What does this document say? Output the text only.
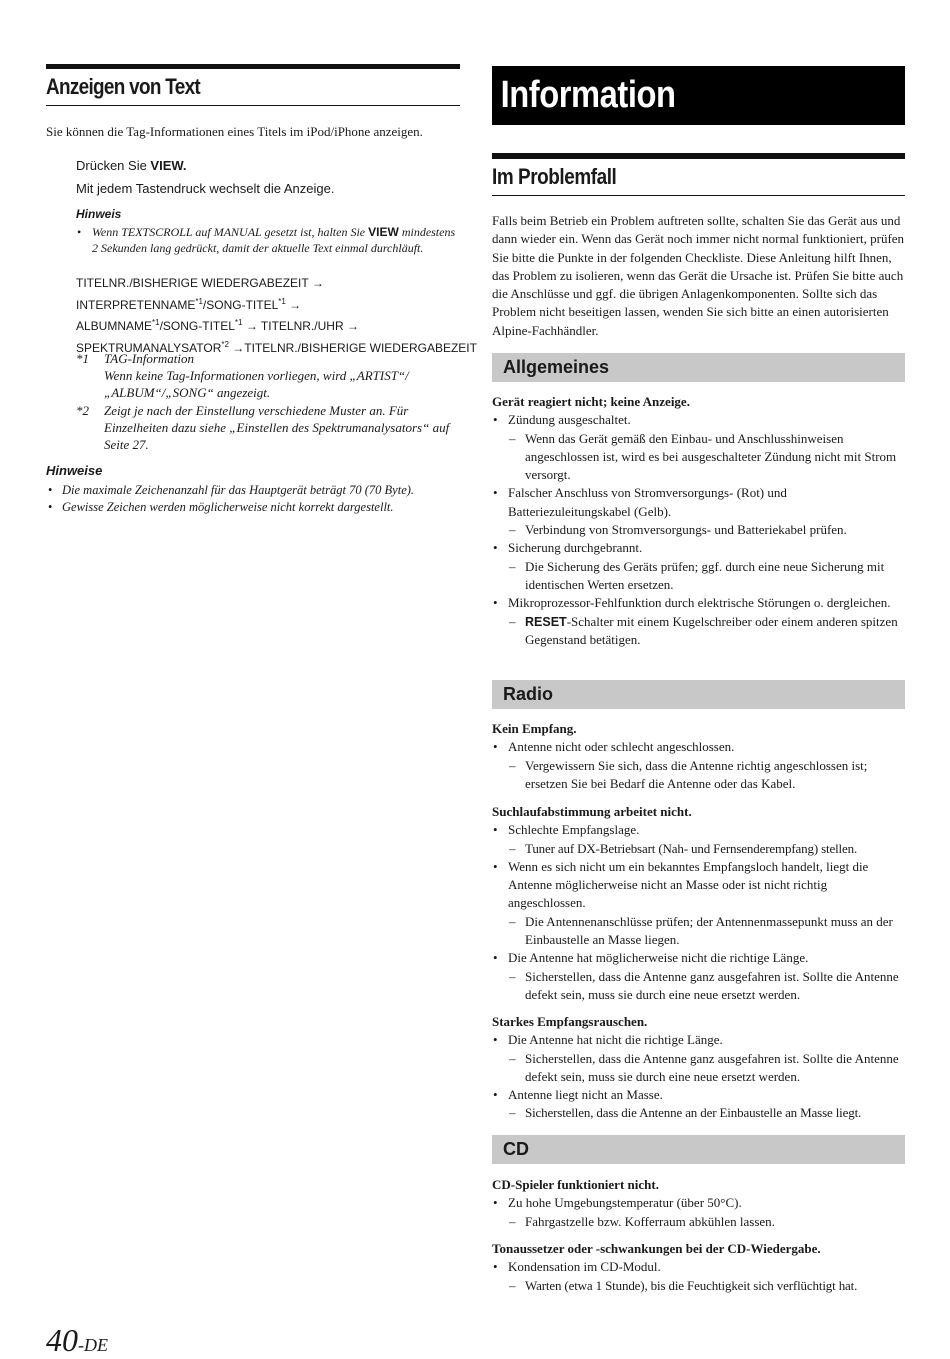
Anzeigen von Text

Sie können die Tag-Informationen eines Titels im iPod/iPhone anzeigen.

Drücken Sie VIEW.
Mit jedem Tastendruck wechselt die Anzeige.
Hinweis
• Wenn TEXTSCROLL auf MANUAL gesetzt ist, halten Sie VIEW mindestens 2 Sekunden lang gedrückt, damit der aktuelle Text einmal durchläuft.
TITELNR./BISHERIGE WIEDERGABEZEIT →
$INTERPRETENNAME^{*1}/SONG-TITEL^{*1}$ →
$ALBUMNAME^{*1}/SONG-TITEL^{*1}$ → TITELNR./UHR →
$SPEKTRUMANALYSATOR^{*2}$ →TITELNR./BISHERIGE WIEDERGABEZEIT
*1 TAG-Information
Wenn keine Tag-Informationen vorliegen, wird „ARTIST“/„ALBUM“/„SONG“ angezeigt.
*2	Zeigt je nach der Einstellung verschiedene Muster an. Für Einzelheiten dazu siehe „Einstellen des Spektrumanalysators“ auf Seite 27.
Hinweise
• Die maximale Zeichenanzahl für das Hauptgerät beträgt 70 (70 Byte).
• Gewisse Zeichen werden möglicherweise nicht korrekt dargestellt.
Information
Im Problemfall

Falls beim Betrieb ein Problem auftreten sollte, schalten Sie das Gerät aus und dann wieder ein. Wenn das Gerät noch immer nicht normal funktioniert, prüfen Sie bitte die Punkte in der folgenden Checkliste. Diese Anleitung hilft Ihnen, das Problem zu isolieren, wenn das Gerät die Ursache ist. Prüfen Sie bitte auch die Anschlüsse und ggf. die übrigen Anlagenkomponenten. Sollte sich das Problem nicht beseitigen lassen, wenden Sie sich bitte an einen autorisierten Alpine-Fachhändler.

Allgemeines
Gerät reagiert nicht; keine Anzeige.
• Zündung ausgeschaltet.
– Wenn das Gerät gemäß den Einbau- und Anschlusshinweisen angeschlossen ist, wird es bei ausgeschalteter Zündung nicht mit Strom versorgt.
• Falscher Anschluss von Stromversorgungs- (Rot) und Batteriezuleitungskabel (Gelb).
– Verbindung von Stromversorgungs- und Batteriekabel prüfen.
• Sicherung durchgebrannt.
– Die Sicherung des Geräts prüfen; ggf. durch eine neue Sicherung mit identischen Werten ersetzen.
• Mikroprozessor-Fehlfunktion durch elektrische Störungen o. dergleichen.
– RESET-Schalter mit einem Kugelschreiber oder einem anderen spitzen Gegenstand betätigen.
Radio
Kein Empfang.
• Antenne nicht oder schlecht angeschlossen.
– Vergewissern Sie sich, dass die Antenne richtig angeschlossen ist; ersetzen Sie bei Bedarf die Antenne oder das Kabel.
Suchlaufabstimmung arbeitet nicht.
• Schlechte Empfangslage.
– Tuner auf DX-Betriebsart (Nah- und Fernsenderempfang) stellen.
• Wenn es sich nicht um ein bekanntes Empfangsloch handelt, liegt die Antenne möglicherweise nicht an Masse oder ist nicht richtig angeschlossen.
– Die Antennenanschlüsse prüfen; der Antennenmassepunkt muss an der Einbaustelle an Masse liegen.
• Die Antenne hat möglicherweise nicht die richtige Länge.
– Sicherstellen, dass die Antenne ganz ausgefahren ist. Sollte die Antenne defekt sein, muss sie durch eine neue ersetzt werden.
Starkes Empfangsrauschen.
• Die Antenne hat nicht die richtige Länge.
– Sicherstellen, dass die Antenne ganz ausgefahren ist. Sollte die Antenne defekt sein, muss sie durch eine neue ersetzt werden.
• Antenne liegt nicht an Masse.
– Sicherstellen, dass die Antenne an der Einbaustelle an Masse liegt.
CD
CD-Spieler funktioniert nicht.
• Zu hohe Umgebungstemperatur (über 50°C).
– Fahrgastzelle bzw. Kofferraum abkühlen lassen.
Tonaussetzer oder -schwankungen bei der CD-Wiedergabe.
• Kondensation im CD-Modul.
– Warten (etwa 1 Stunde), bis die Feuchtigkeit sich verflüchtigt hat.
40-DE
